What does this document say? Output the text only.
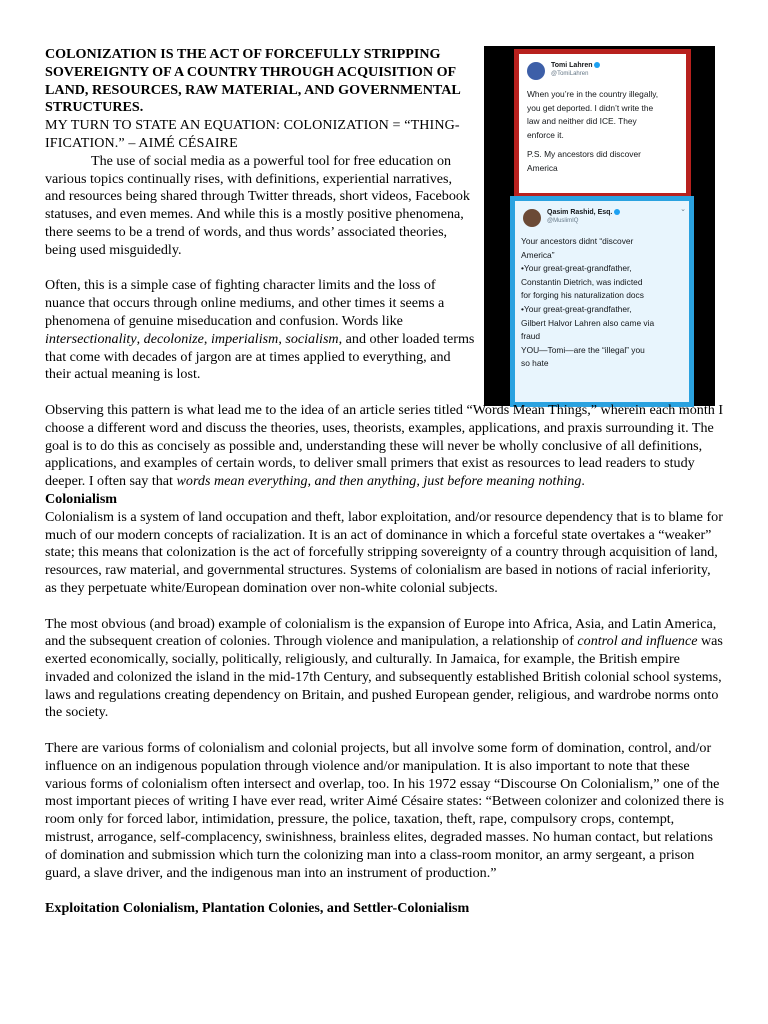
Tomi Lahren
@TomiLahren
When you’re in the country illegally,
you get deported. I didn’t write the
law and neither did ICE. They
enforce it.
P.S. My ancestors did discover
America
Qasim Rashid, Esq.
@MuslimIQ
⌄
Your ancestors didnt “discover
America”
•Your great-great-grandfather,
Constantin Dietrich, was indicted
for forging his naturalization docs
•Your great-great-grandfather,
Gilbert Halvor Lahren also came via
fraud
YOU—Tomi—are the “illegal” you
so hate

COLONIZATION IS THE ACT OF FORCEFULLY STRIPPING SOVEREIGNTY OF A COUNTRY THROUGH ACQUISITION OF LAND, RESOURCES, RAW MATERIAL, AND GOVERNMENTAL STRUCTURES.

MY TURN TO STATE AN EQUATION: COLONIZATION = “THING-IFICATION.” – AIMÉ CÉSAIRE

The use of social media as a powerful tool for free education on various topics continually rises, with definitions, experiential narratives, and resources being shared through Twitter threads, short videos, Facebook statuses, and even memes. And while this is a mostly positive phenomena, there seems to be a trend of words, and thus words’ associated theories, being used misguidedly.

Often, this is a simple case of fighting character limits and the loss of nuance that occurs through online mediums, and other times it seems a phenomena of genuine miseducation and confusion. Words like intersectionality, decolonize, imperialism, socialism, and other loaded terms that come with decades of jargon are at times applied to everything, and their actual meaning is lost.

Observing this pattern is what lead me to the idea of an article series titled “Words Mean Things,” wherein each month I choose a different word and discuss the theories, uses, theorists, examples, applications, and praxis surrounding it. The goal is to do this as concisely as possible and, understanding these will never be wholly conclusive of all definitions, applications, and examples of certain words, to deliver small primers that exist as resources to lead readers to study deeper. I often say that words mean everything, and then anything, just before meaning nothing.

Colonialism

Colonialism is a system of land occupation and theft, labor exploitation, and/or resource dependency that is to blame for much of our modern concepts of racialization. It is an act of dominance in which a forceful state overtakes a “weaker” state; this means that colonization is the act of forcefully stripping sovereignty of a country through acquisition of land, resources, raw material, and governmental structures. Systems of colonialism are based in notions of racial inferiority, as they perpetuate white/European domination over non-white colonial subjects.

The most obvious (and broad) example of colonialism is the expansion of Europe into Africa, Asia, and Latin America, and the subsequent creation of colonies. Through violence and manipulation, a relationship of control and influence was exerted economically, socially, politically, religiously, and culturally. In Jamaica, for example, the British empire invaded and colonized the island in the mid-17th Century, and subsequently established British colonial school systems, laws and regulations creating dependency on Britain, and pushed European gender, religious, and wardrobe norms onto the society.

There are various forms of colonialism and colonial projects, but all involve some form of domination, control, and/or influence on an indigenous population through violence and/or manipulation. It is also important to note that these various forms of colonialism often intersect and overlap, too. In his 1972 essay “Discourse On Colonialism,” one of the most important pieces of writing I have ever read, writer Aimé Césaire states: “Between colonizer and colonized there is room only for forced labor, intimidation, pressure, the police, taxation, theft, rape, compulsory crops, contempt, mistrust, arrogance, self-complacency, swinishness, brainless elites, degraded masses. No human contact, but relations of domination and submission which turn the colonizing man into a class-room monitor, an army sergeant, a prison guard, a slave driver, and the indigenous man into an instrument of production.”

Exploitation Colonialism, Plantation Colonies, and Settler-Colonialism
